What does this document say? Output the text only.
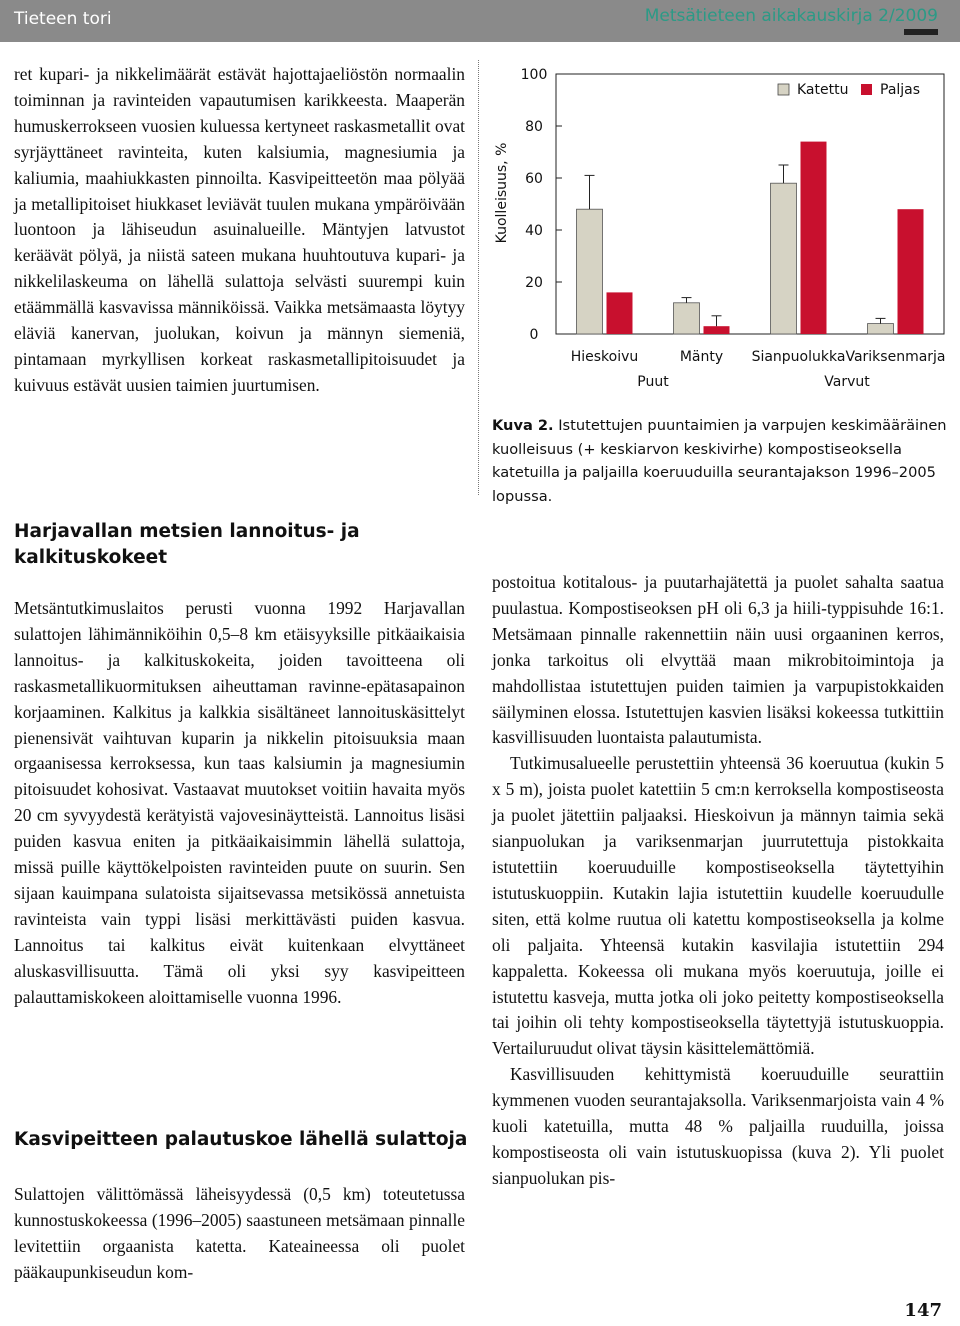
Tieteen tori	Metsätieteen aikakauskirja 2/2009

ret kupari- ja nikkelimäärät estävät hajottajaeliöstön normaalin toiminnan ja ravinteiden vapautumisen karikkeesta. Maaperän humuskerrokseen vuosien kuluessa kertyneet raskasmetallit ovat syrjäyttäneet ravinteita, kuten kalsiumia, magnesiumia ja kaliumia, maahiukkasten pinnoilta. Kasvipeitteetön maa pölyää ja metallipitoiset hiukkaset leviävät tuulen mukana ympäröivään luontoon ja lähiseudun asuinalueille. Mäntyjen latvustot keräävät pölyä, ja niistä sateen mukana huuhtoutuva kupari- ja nikkelilaskeuma on lähellä sulattoja selvästi suurempi kuin etäämmällä kasvavissa männiköissä. Vaikka metsämaasta löytyy eläviä kanervan, juolukan, koivun ja männyn siemeniä, pintamaan myrkyllisen korkeat raskasmetallipitoisuudet ja kuivuus estävät uusien taimien juurtumisen.

Harjavallan metsien lannoitus- ja kalkituskokeet

Metsäntutkimuslaitos perusti vuonna 1992 Harjavallan sulattojen lähimänniköihin 0,5–8 km etäisyyksille pitkäaikaisia lannoitus- ja kalkituskokeita, joiden tavoitteena oli raskasmetallikuormituksen aiheuttaman ravinne-epätasapainon korjaaminen. Kalkitus ja kalkkia sisältäneet lannoituskäsittelyt pienensivät vaihtuvan kuparin ja nikkelin pitoisuuksia maan orgaanisessa kerroksessa, kun taas kalsiumin ja magnesiumin pitoisuudet kohosivat. Vastaavat muutokset voitiin havaita myös 20 cm syvyydestä kerätyistä vajovesinäytteistä. Lannoitus lisäsi puiden kasvua eniten ja pitkäaikaisimmin lähellä sulattoja, missä puille käyttökelpoisten ravinteiden puute on suurin. Sen sijaan kauimpana sulatoista sijaitsevassa metsikössä annetuista ravinteista vain typpi lisäsi merkittävästi puiden kasvua. Lannoitus tai kalkitus eivät kuitenkaan elvyttäneet aluskasvillisuutta. Tämä oli yksi syy kasvipeitteen palauttamiskokeen aloittamiselle vuonna 1996.

Kasvipeitteen palautuskoe lähellä sulattoja

Sulattojen välittömässä läheisyydessä (0,5 km) toteutetussa kunnostuskokeessa (1996–2005) saastuneen metsämaan pinnalle levitettiin orgaanista katetta. Kateaineessa oli puolet pääkaupunkiseudun kom-

0
20
40
60
80
100
Hieskoivu	Mänty Sianpuolukka Variksenmarja
Puut	Varvut
Kuolleisuus, %
Katettu Paljas
Kuva 2. Istutettujen puuntaimien ja varpujen keskimääräinen kuolleisuus (+ keskiarvon keskivirhe) kompostiseoksella katetuilla ja paljailla koeruuduilla seurantajakson 1996–2005 lopussa.

postoitua kotitalous- ja puutarhajätettä ja puolet sahalta saatua puulastua. Kompostiseoksen pH oli 6,3 ja hiili-typpisuhde 16:1. Metsämaan pinnalle rakennettiin näin uusi orgaaninen kerros, jonka tarkoitus oli elvyttää maan mikrobitoimintoja ja mahdollistaa istutettujen puiden taimien ja varpupistokkaiden säilyminen elossa. Istutettujen kasvien lisäksi kokeessa tutkittiin kasvillisuuden luontaista palautumista.

Tutkimusalueelle perustettiin yhteensä 36 koeruutua (kukin 5 x 5 m), joista puolet katettiin 5 cm:n kerroksella kompostiseosta ja puolet jätettiin paljaaksi. Hieskoivun ja männyn taimia sekä sianpuolukan ja variksenmarjan juurrutettuja pistokkaita istutettiin koeruuduille kompostiseoksella täytettyihin istutuskuoppiin. Kutakin lajia istutettiin kuudelle koeruudulle siten, että kolme ruutua oli katettu kompostiseoksella ja kolme oli paljaita. Yhteensä kutakin kasvilajia istutettiin 294 kappaletta. Kokeessa oli mukana myös koeruutuja, joille ei istutettu kasveja, mutta jotka oli joko peitetty kompostiseoksella tai joihin oli tehty kompostiseoksella täytettyjä istutuskuoppia. Vertailuruudut olivat täysin käsittelemättömiä.

Kasvillisuuden kehittymistä koeruuduille seurattiin kymmenen vuoden seurantajaksolla. Variksenmarjoista vain 4 % kuoli katetuilla, mutta 48 % paljailla ruuduilla, joissa kompostiseosta oli vain istutuskuopissa (kuva 2). Yli puolet sianpuolukan pis-

147
